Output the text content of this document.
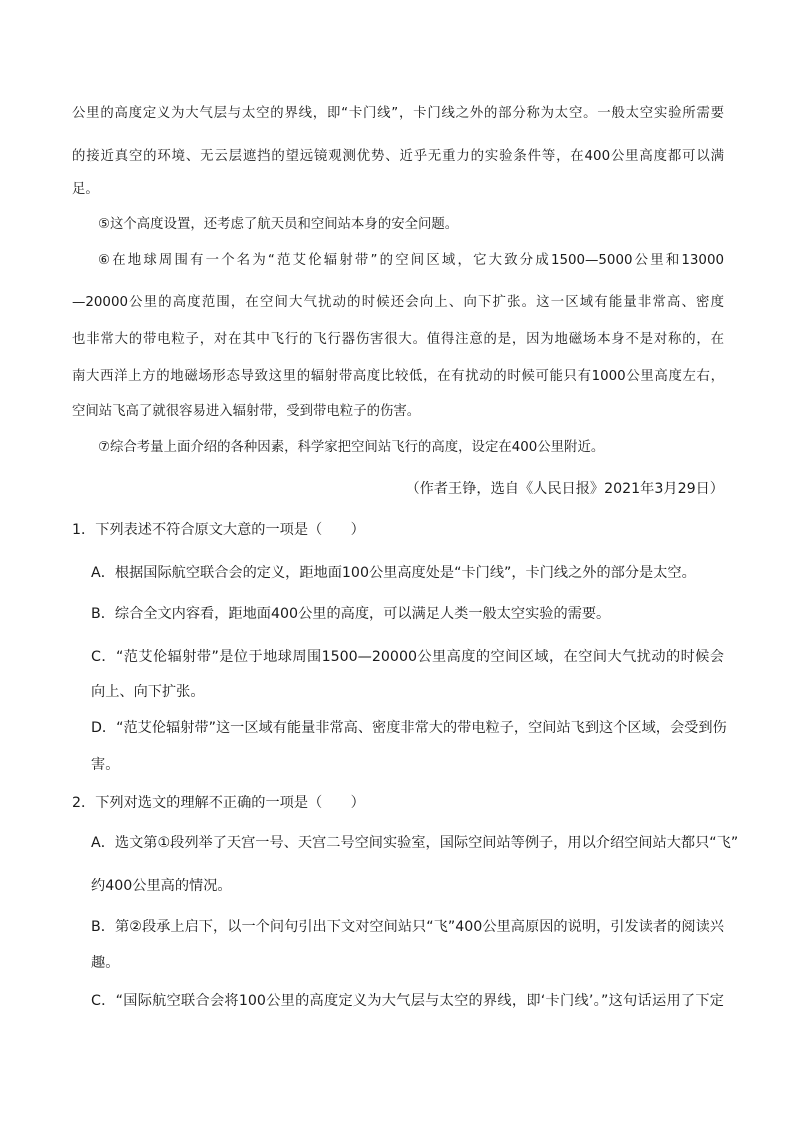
公里的高度定义为大气层与太空的界线，即“卡门线”，卡门线之外的部分称为太空。一般太空实验所需要
的接近真空的环境、无云层遮挡的望远镜观测优势、近乎无重力的实验条件等，在400公里高度都可以满
足。
⑤这个高度设置，还考虑了航天员和空间站本身的安全问题。
⑥在地球周围有一个名为“范艾伦辐射带”的空间区域，它大致分成1500—5000公里和13000
—20000公里的高度范围，在空间大气扰动的时候还会向上、向下扩张。这一区域有能量非常高、密度
也非常大的带电粒子，对在其中飞行的飞行器伤害很大。值得注意的是，因为地磁场本身不是对称的，在
南大西洋上方的地磁场形态导致这里的辐射带高度比较低，在有扰动的时候可能只有1000公里高度左右，
空间站飞高了就很容易进入辐射带，受到带电粒子的伤害。
⑦综合考量上面介绍的各种因素，科学家把空间站飞行的高度，设定在400公里附近。
（作者王铮，选自《人民日报》2021年3月29日）
1．下列表述不符合原文大意的一项是（　　）
A．根据国际航空联合会的定义，距地面100公里高度处是“卡门线”，卡门线之外的部分是太空。
B．综合全文内容看，距地面400公里的高度，可以满足人类一般太空实验的需要。
C．“范艾伦辐射带”是位于地球周围1500—20000公里高度的空间区域，在空间大气扰动的时候会
向上、向下扩张。
D．“范艾伦辐射带”这一区域有能量非常高、密度非常大的带电粒子，空间站飞到这个区域，会受到伤
害。
2．下列对选文的理解不正确的一项是（　　）
A．选文第①段列举了天宫一号、天宫二号空间实验室，国际空间站等例子，用以介绍空间站大都只“飞”
约400公里高的情况。
B．第②段承上启下，以一个问句引出下文对空间站只“飞”400公里高原因的说明，引发读者的阅读兴
趣。
C．“国际航空联合会将100公里的高度定义为大气层与太空的界线，即‘卡门线’。”这句话运用了下定
